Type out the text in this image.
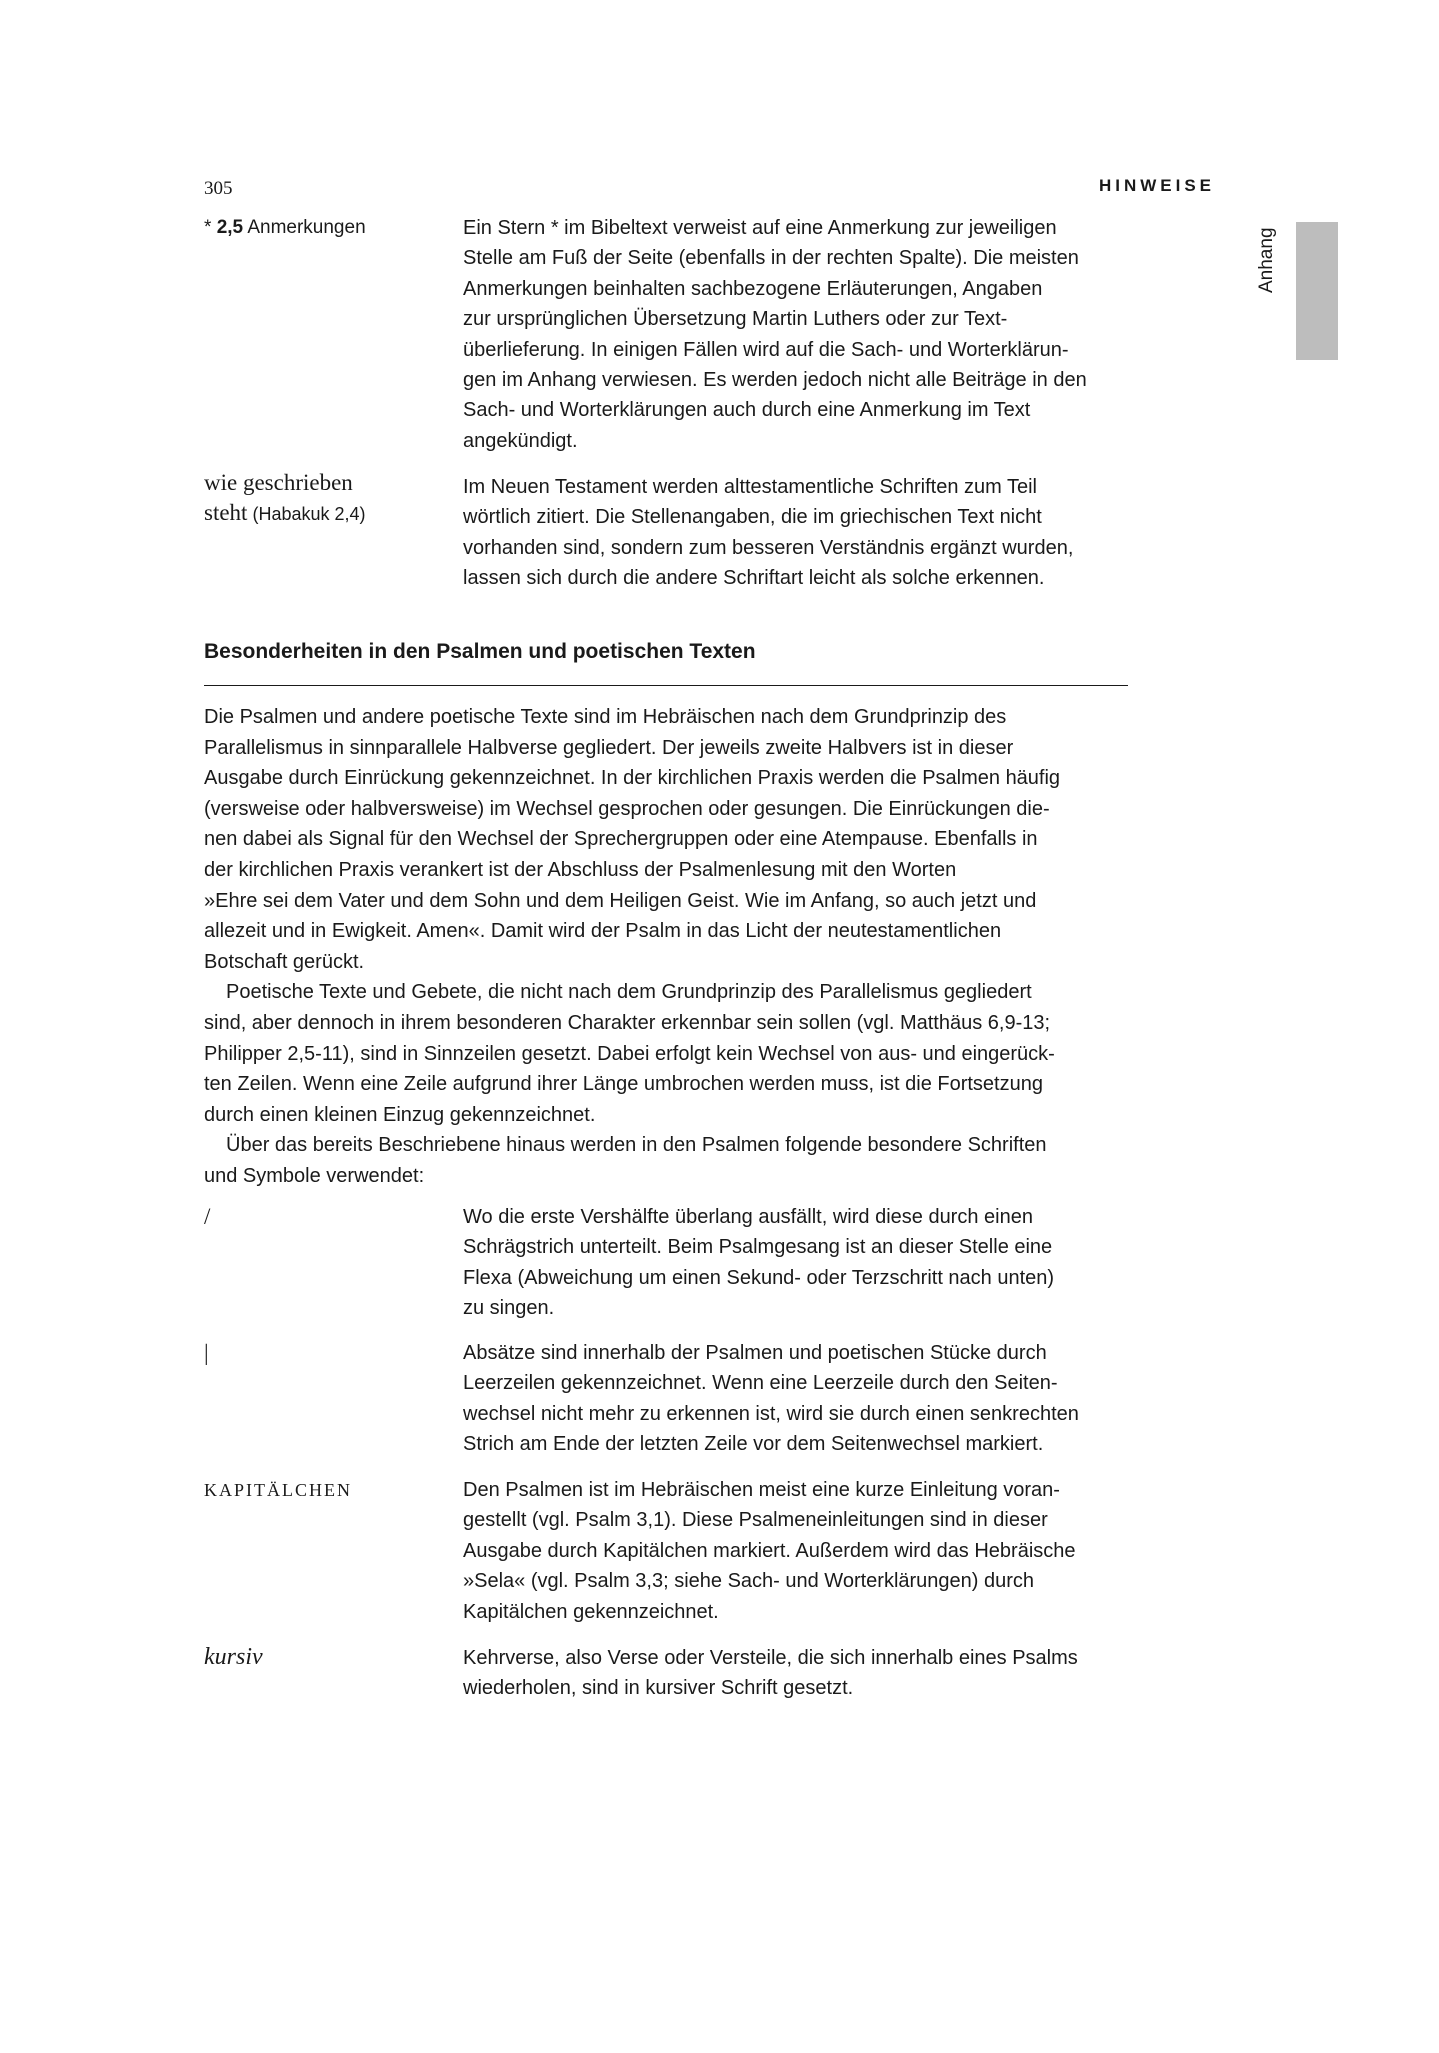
305	HINWEISE
Anhang
* 2,5 Anmerkungen	Ein Stern * im Bibeltext verweist auf eine Anmerkung zur jeweiligen

Stelle am Fuß der Seite (ebenfalls in der rechten Spalte). Die meisten

Anmerkungen beinhalten sachbezogene Erläuterungen, Angaben

zur ursprünglichen Übersetzung Martin Luthers oder zur Text-

überlieferung. In einigen Fällen wird auf die Sach- und Worterklärun-

gen im Anhang verwiesen. Es werden jedoch nicht alle Beiträge in den

Sach- und Worterklärungen auch durch eine Anmerkung im Text

angekündigt.

wie geschrieben
steht (Habakuk 2,4)

Im Neuen Testament werden alttestamentliche Schriften zum Teil

wörtlich zitiert. Die Stellenangaben, die im griechischen Text nicht

vorhanden sind, sondern zum besseren Verständnis ergänzt wurden,

lassen sich durch die andere Schriftart leicht als solche erkennen.

Besonderheiten in den Psalmen und poetischen Texten

Die Psalmen und andere poetische Texte sind im Hebräischen nach dem Grundprinzip des

Parallelismus in sinnparallele Halbverse gegliedert. Der jeweils zweite Halbvers ist in dieser

Ausgabe durch Einrückung gekennzeichnet. In der kirchlichen Praxis werden die Psalmen häufig

(versweise oder halbversweise) im Wechsel gesprochen oder gesungen. Die Einrückungen die-

nen dabei als Signal für den Wechsel der Sprechergruppen oder eine Atempause. Ebenfalls in

der kirchlichen Praxis verankert ist der Abschluss der Psalmenlesung mit den Worten

»Ehre sei dem Vater und dem Sohn und dem Heiligen Geist. Wie im Anfang, so auch jetzt und

allezeit und in Ewigkeit. Amen«. Damit wird der Psalm in das Licht der neutestamentlichen

Botschaft gerückt.

Poetische Texte und Gebete, die nicht nach dem Grundprinzip des Parallelismus gegliedert

sind, aber dennoch in ihrem besonderen Charakter erkennbar sein sollen (vgl. Matthäus 6,9-13;

Philipper 2,5-11), sind in Sinnzeilen gesetzt. Dabei erfolgt kein Wechsel von aus- und eingerück-

ten Zeilen. Wenn eine Zeile aufgrund ihrer Länge umbrochen werden muss, ist die Fortsetzung

durch einen kleinen Einzug gekennzeichnet.

Über das bereits Beschriebene hinaus werden in den Psalmen folgende besondere Schriften

und Symbole verwendet:

/	Wo die erste Vershälfte überlang ausfällt, wird diese durch einen

Schrägstrich unterteilt. Beim Psalmgesang ist an dieser Stelle eine

Flexa (Abweichung um einen Sekund- oder Terzschritt nach unten)

zu singen.

|	Absätze sind innerhalb der Psalmen und poetischen Stücke durch

Leerzeilen gekennzeichnet. Wenn eine Leerzeile durch den Seiten-

wechsel nicht mehr zu erkennen ist, wird sie durch einen senkrechten

Strich am Ende der letzten Zeile vor dem Seitenwechsel markiert.

KAPITÄLCHEN	Den Psalmen ist im Hebräischen meist eine kurze Einleitung voran-

gestellt (vgl. Psalm 3,1). Diese Psalmeneinleitungen sind in dieser

Ausgabe durch Kapitälchen markiert. Außerdem wird das Hebräische

»Sela« (vgl. Psalm 3,3; siehe Sach- und Worterklärungen) durch

Kapitälchen gekennzeichnet.

kursiv	Kehrverse, also Verse oder Versteile, die sich innerhalb eines Psalms

wiederholen, sind in kursiver Schrift gesetzt.
